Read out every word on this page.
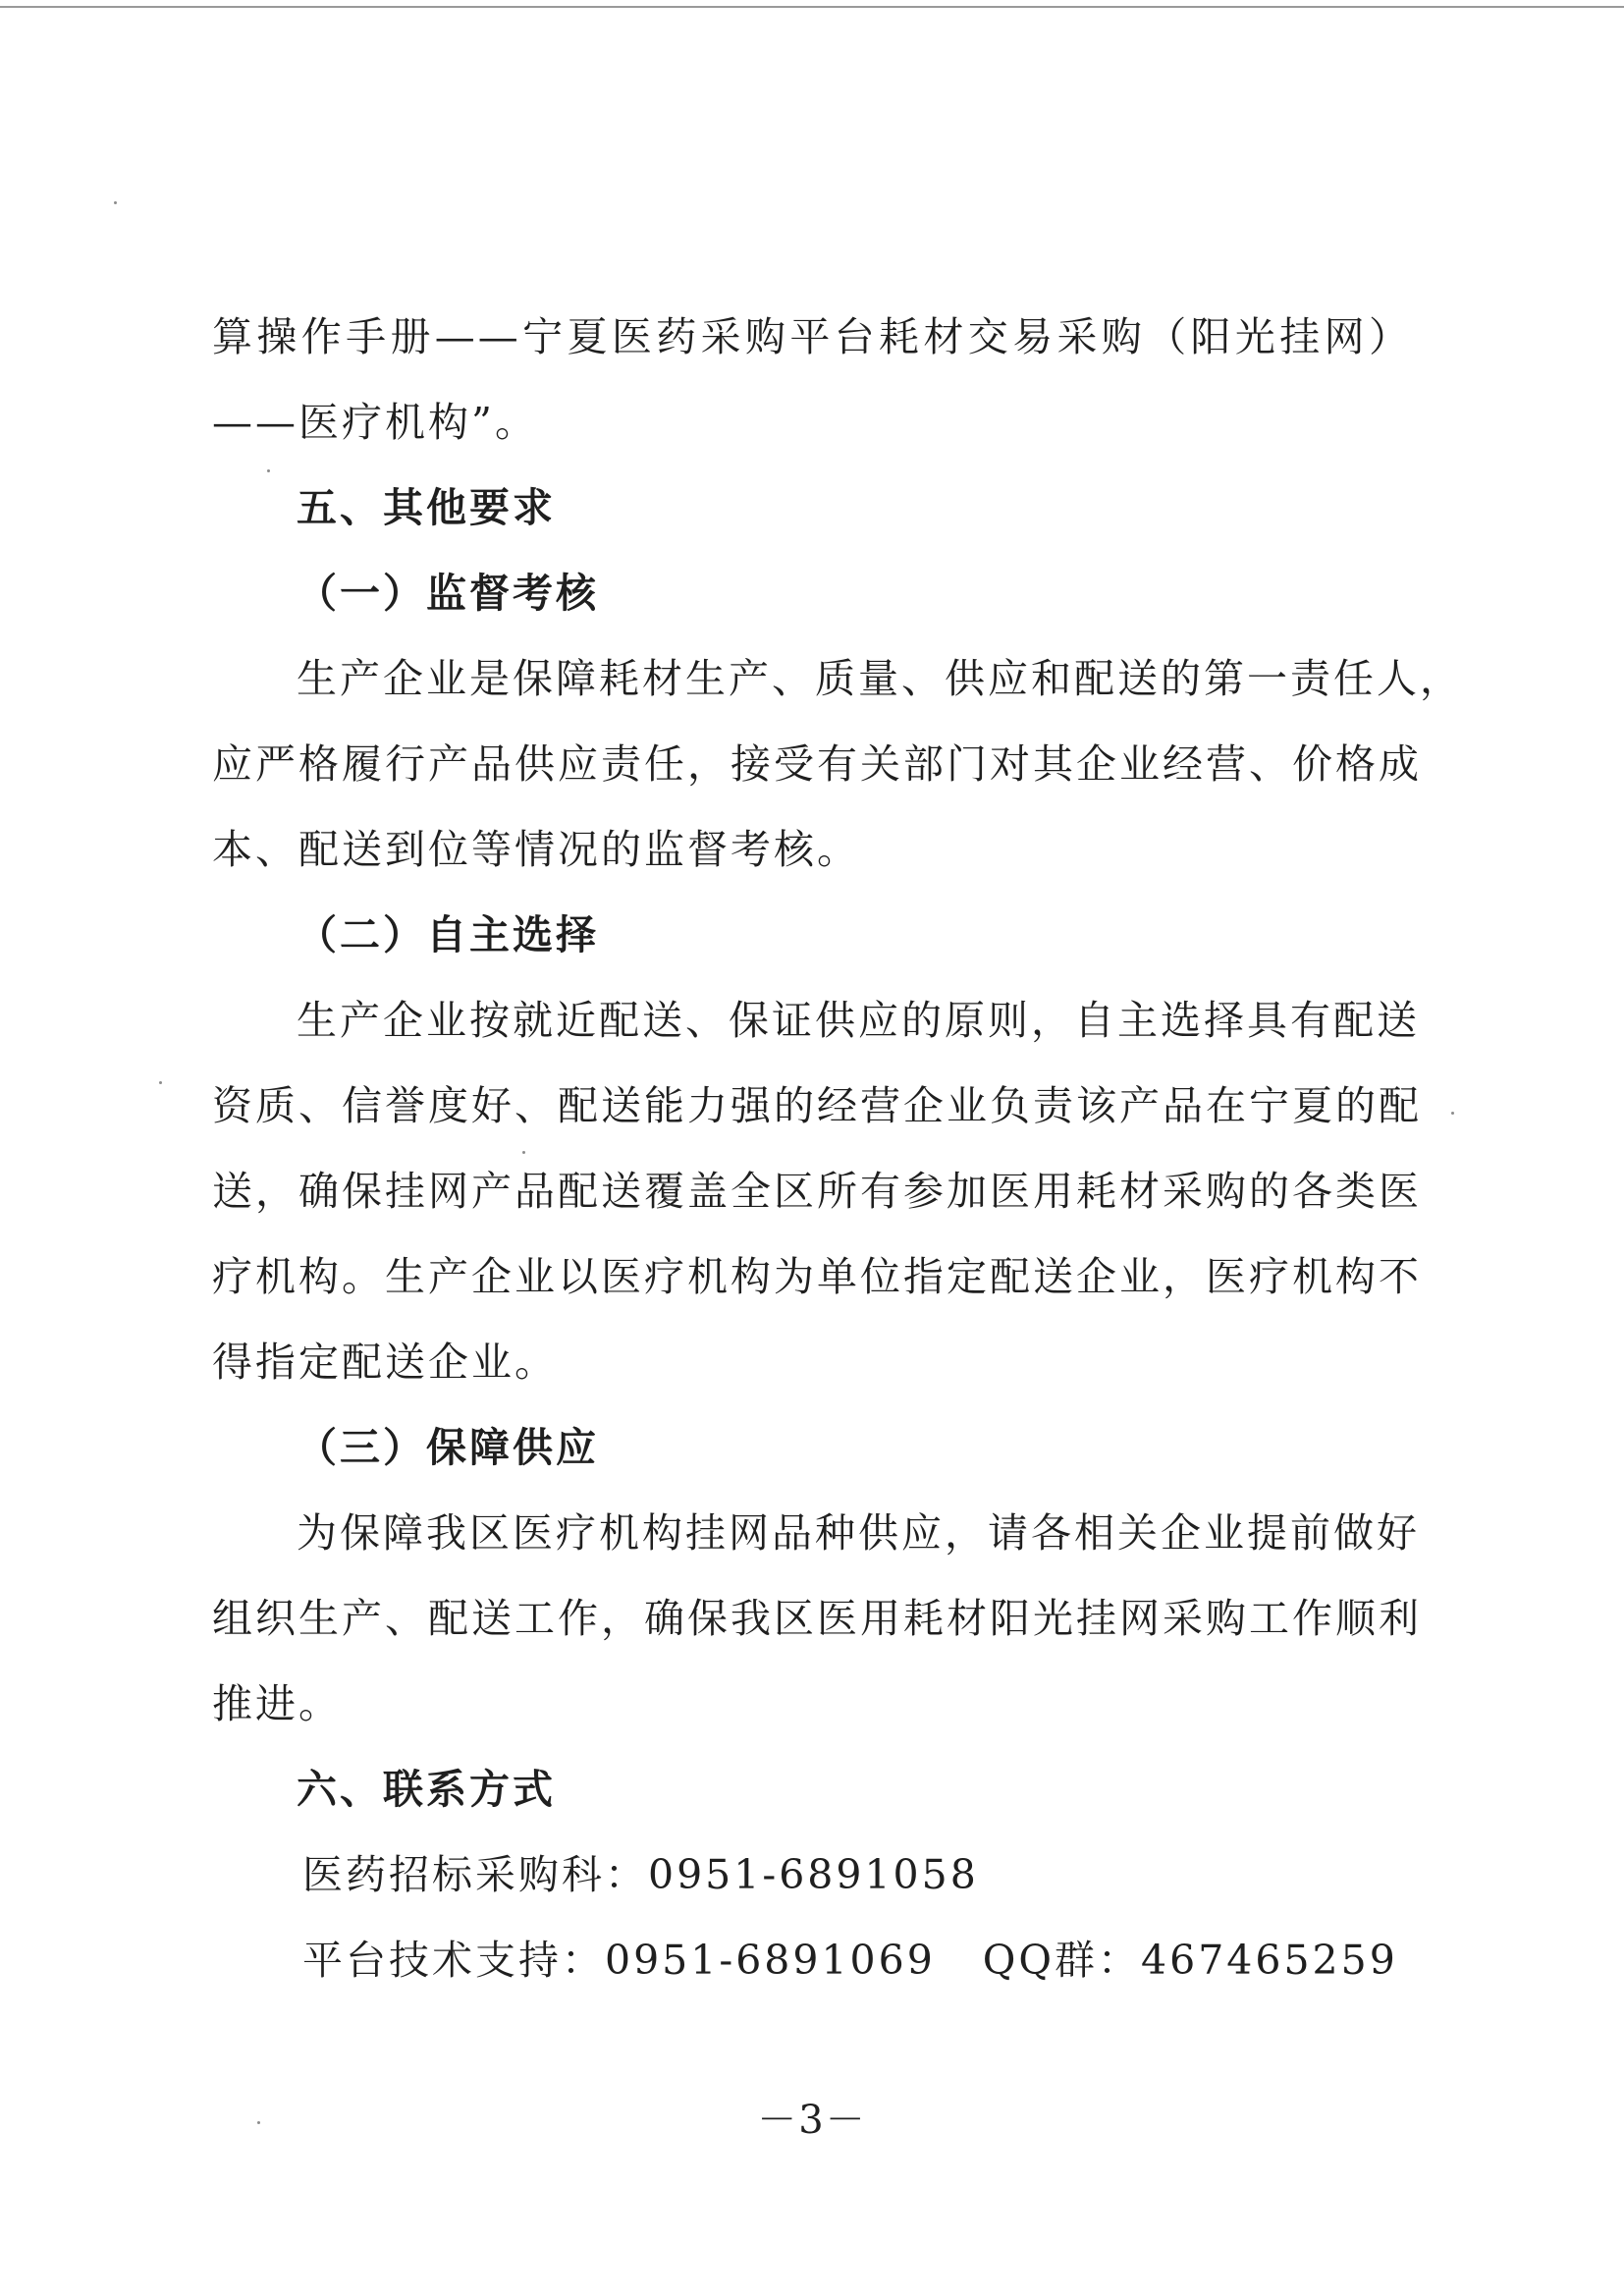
算操作手册——宁夏医药采购平台耗材交易采购（阳光挂网）
——医疗机构”。
五、其他要求
（一）监督考核
生产企业是保障耗材生产、质量、供应和配送的第一责任人，
应严格履行产品供应责任，接受有关部门对其企业经营、价格成
本、配送到位等情况的监督考核。
（二）自主选择
生产企业按就近配送、保证供应的原则，自主选择具有配送
资质、信誉度好、配送能力强的经营企业负责该产品在宁夏的配
送，确保挂网产品配送覆盖全区所有参加医用耗材采购的各类医
疗机构。生产企业以医疗机构为单位指定配送企业，医疗机构不
得指定配送企业。
（三）保障供应
为保障我区医疗机构挂网品种供应，请各相关企业提前做好
组织生产、配送工作，确保我区医用耗材阳光挂网采购工作顺利
推进。
六、联系方式
医药招标采购科：0951-6891058
平台技术支持：0951-6891069 QQ群：467465259
－3－
